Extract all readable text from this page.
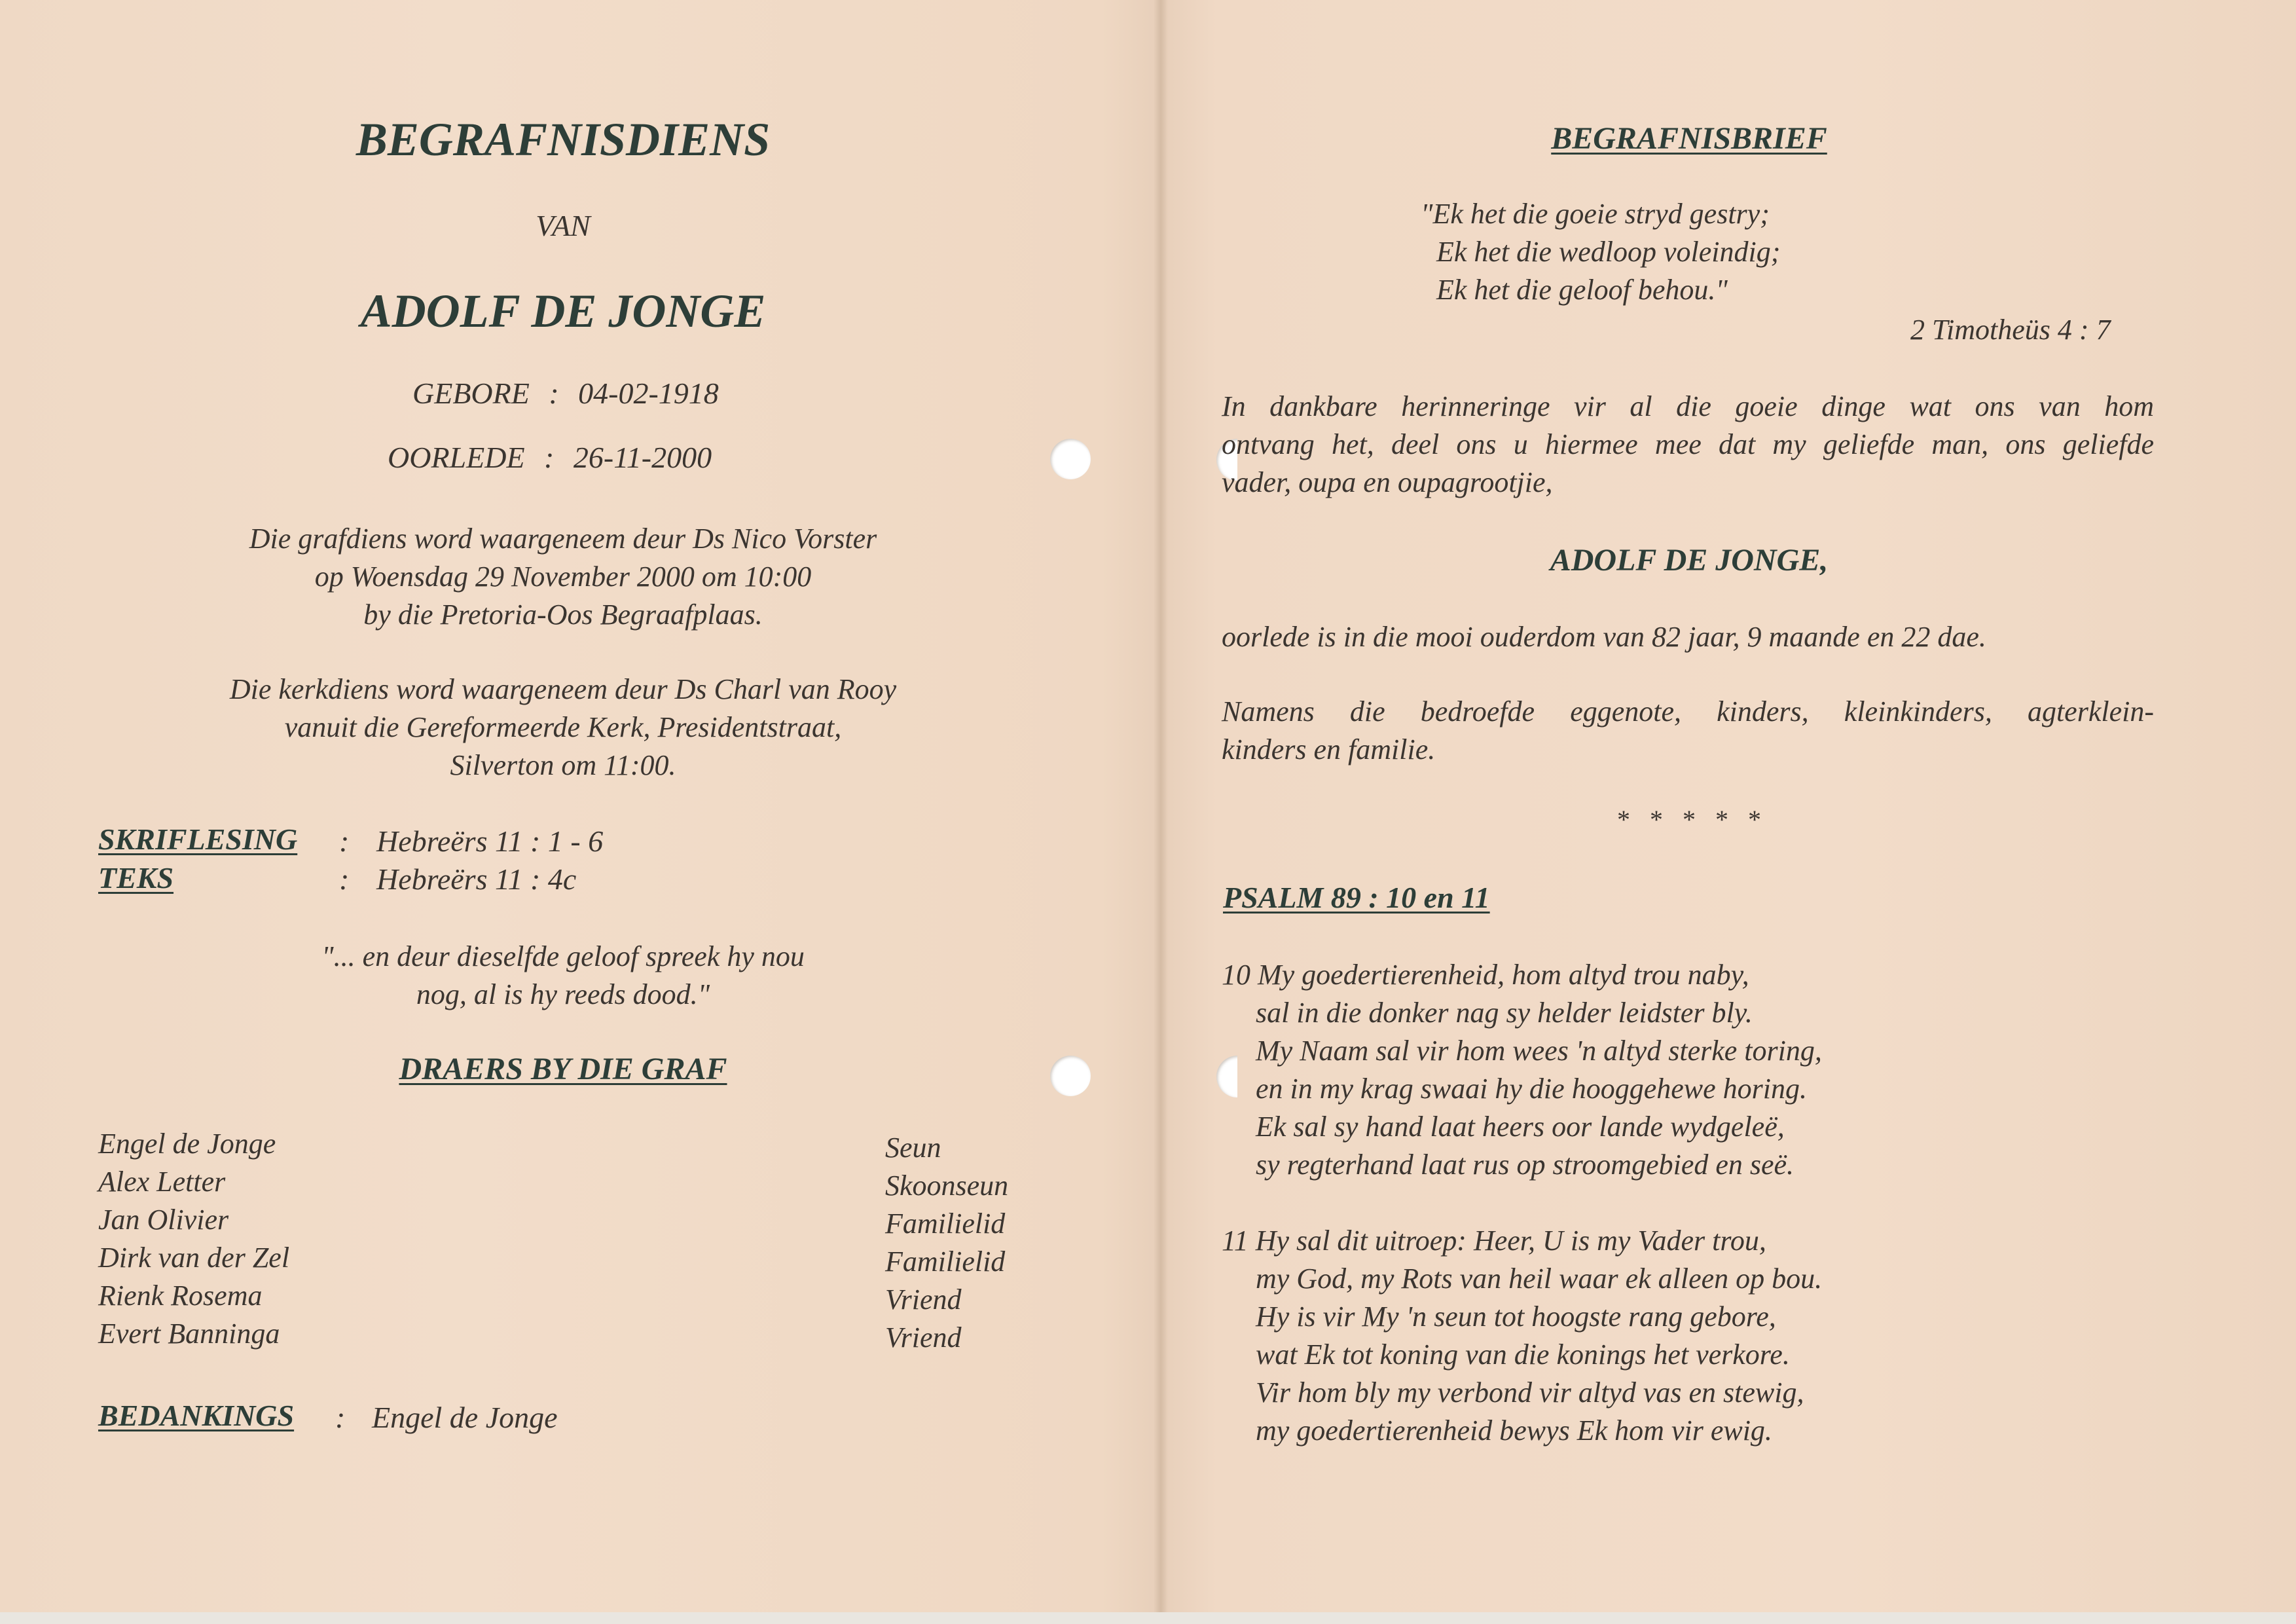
BEGRAFNISDIENS
VAN
ADOLF DE JONGE
GEBORE : 04-02-1918
OORLEDE : 26-11-2000
Die grafdiens word waargeneem deur Ds Nico Vorster
op Woensdag 29 November 2000 om 10:00
by die Pretoria-Oos Begraafplaas.
Die kerkdiens word waargeneem deur Ds Charl van Rooy
vanuit die Gereformeerde Kerk, Presidentstraat,
Silverton om 11:00.
SKRIFLESING : Hebreërs 11 : 1 - 6
TEKS	: Hebreërs 11 : 4c
"... en deur dieselfde geloof spreek hy nou
nog, al is hy reeds dood."
DRAERS BY DIE GRAF
Engel de Jonge
Alex Letter
Jan Olivier
Dirk van der Zel
Rienk Rosema
Evert Banninga
Seun
Skoonseun
Familielid
Familielid
Vriend
Vriend
BEDANKINGS : Engel de Jonge
BEGRAFNISBRIEF
"Ek het die goeie stryd gestry;
Ek het die wedloop voleindig;
Ek het die geloof behou."
2 Timotheüs 4 : 7
In dankbare herinneringe vir al die goeie dinge wat ons van hom
ontvang het, deel ons u hiermee mee dat my geliefde man, ons geliefde
vader, oupa en oupagrootjie,
ADOLF DE JONGE,
oorlede is in die mooi ouderdom van 82 jaar, 9 maande en 22 dae.
Namens die bedroefde eggenote, kinders, kleinkinders, agterklein-
kinders en familie.
*   *   *   *   *
PSALM 89 : 10 en 11
10 My goedertierenheid, hom altyd trou naby,
sal in die donker nag sy helder leidster bly.
My Naam sal vir hom wees 'n altyd sterke toring,
en in my krag swaai hy die hooggehewe horing.
Ek sal sy hand laat heers oor lande wydgeleë,
sy regterhand laat rus op stroomgebied en seë.
11 Hy sal dit uitroep: Heer, U is my Vader trou,
my God, my Rots van heil waar ek alleen op bou.
Hy is vir My 'n seun tot hoogste rang gebore,
wat Ek tot koning van die konings het verkore.
Vir hom bly my verbond vir altyd vas en stewig,
my goedertierenheid bewys Ek hom vir ewig.
